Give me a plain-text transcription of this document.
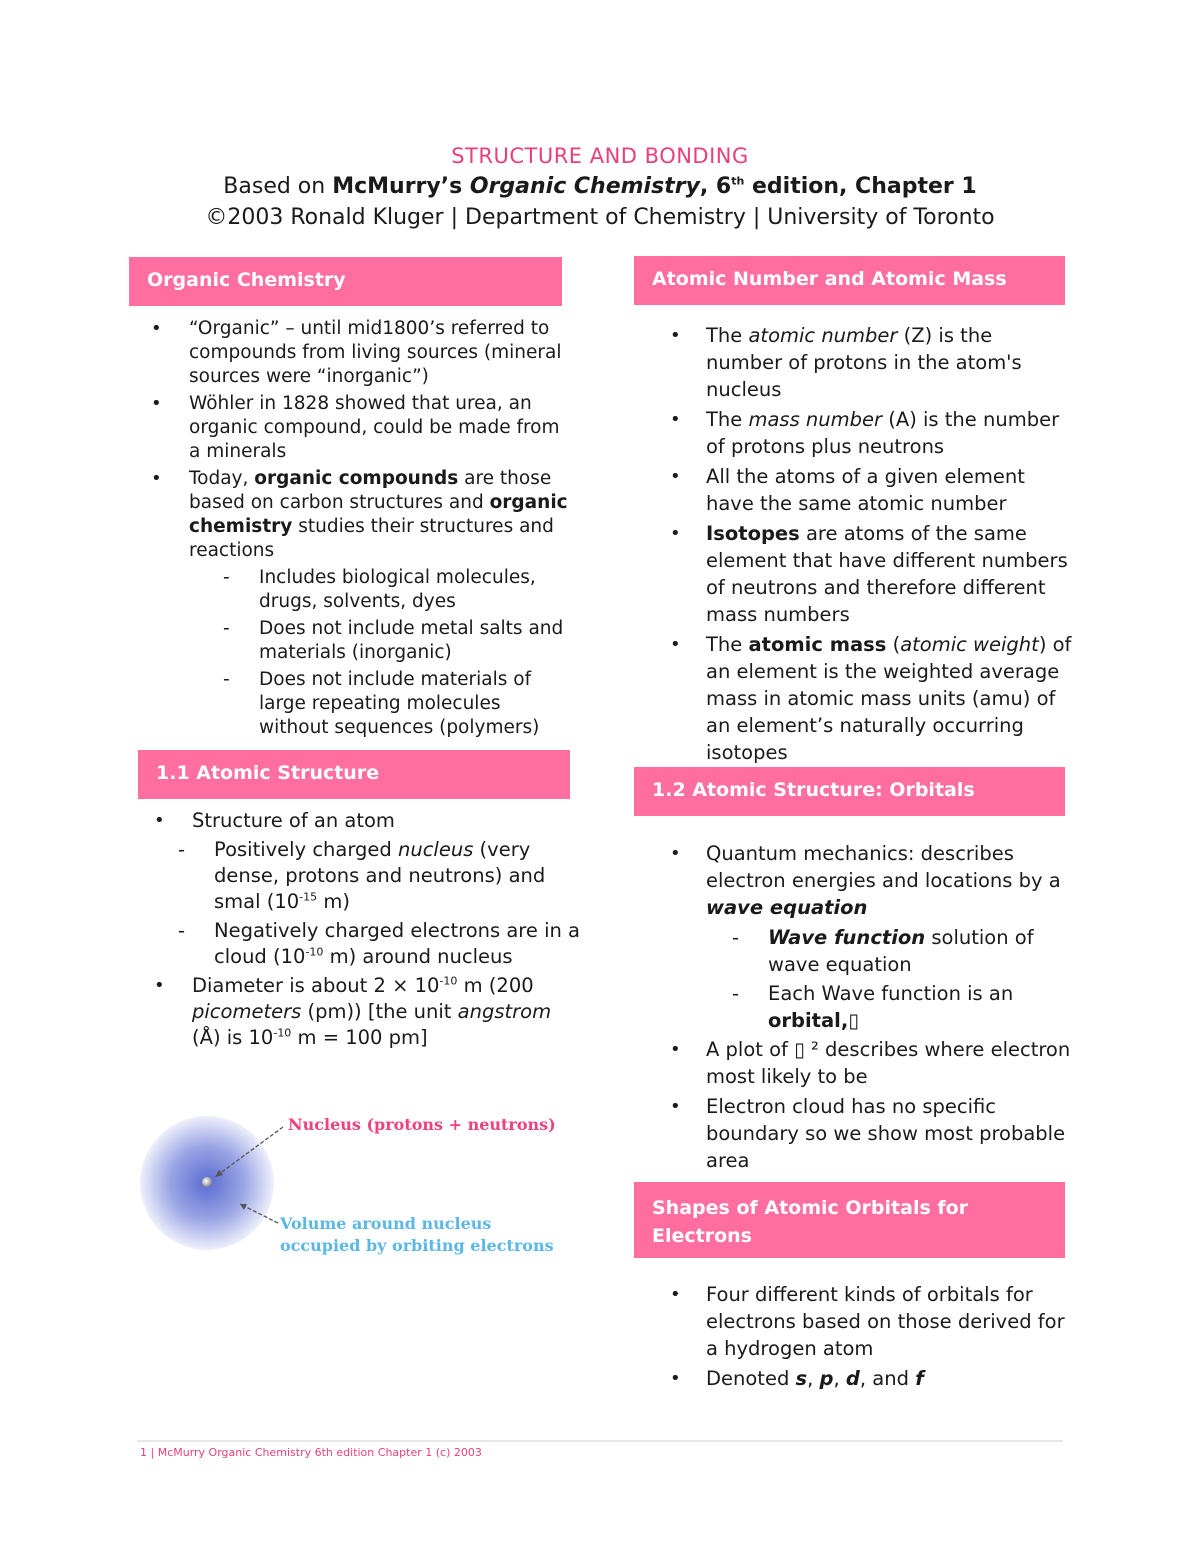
STRUCTURE AND BONDING
Based on McMurry’s Organic Chemistry, 6th edition, Chapter 1
©2003 Ronald Kluger | Department of Chemistry | University of Toronto
Organic Chemistry
• “Organic” – until mid1800’s referred to compounds from living sources (mineral sources were “inorganic”)
• Wöhler in 1828 showed that urea, an organic compound, could be made from a minerals
• Today, organic compounds are those based on carbon structures and organic chemistry studies their structures and reactions
- Includes biological molecules, drugs, solvents, dyes
- Does not include metal salts and materials (inorganic)
- Does not include materials of large repeating molecules without sequences (polymers)
1.1 Atomic Structure
• Structure of an atom
- Positively charged nucleus (very dense, protons and neutrons) and smal ($10^{-15}$ m)
- Negatively charged electrons are in a cloud ($10^{-10}$ m) around nucleus
• Diameter is about $2 \times 10^{-10}$ m (200 picometers (pm)) [the unit angstrom (Å) is $10^{-10}$ m = 100 pm]
Nucleus (protons + neutrons)
Volume around nucleus
occupied by orbiting electrons
Atomic Number and Atomic Mass
• The atomic number (Z) is the number of protons in the atom's nucleus
• The mass number (A) is the number of protons plus neutrons
• All the atoms of a given element have the same atomic number
• Isotopes are atoms of the same element that have different numbers of neutrons and therefore different mass numbers
• The atomic mass (atomic weight) of an element is the weighted average mass in atomic mass units (amu) of an element’s naturally occurring isotopes
1.2 Atomic Structure: Orbitals
• Quantum mechanics: describes electron energies and locations by a wave equation
- Wave function solution of wave equation
- Each Wave function is an orbital,▯
• A plot of ▯ ² describes where electron most likely to be
• Electron cloud has no specific boundary so we show most probable area
Shapes of Atomic Orbitals for Electrons
• Four different kinds of orbitals for electrons based on those derived for a hydrogen atom
• Denoted s, p, d, and f
1 | McMurry Organic Chemistry 6th edition Chapter 1 (c) 2003
